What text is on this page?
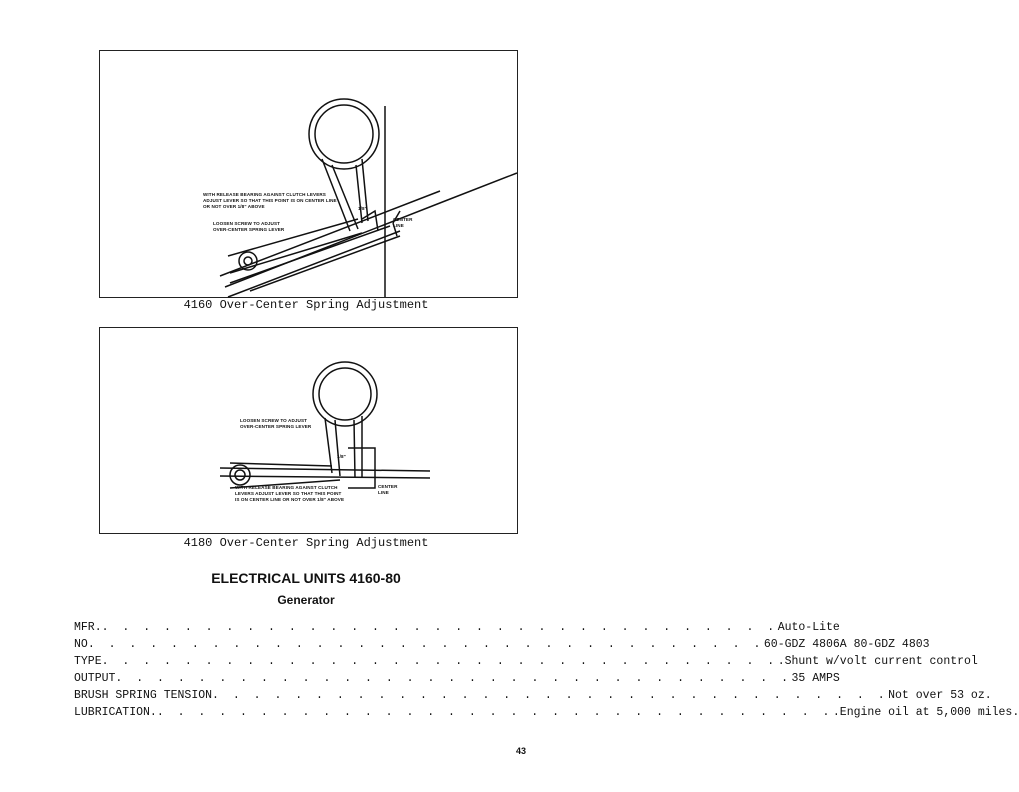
WITH RELEASE BEARING AGAINST CLUTCH LEVERS ADJUST LEVER SO THAT THIS POINT IS ON CENTER LINE OR NOT OVER 1/8" ABOVE
LOOSEN SCREW TO ADJUST OVER-CENTER SPRING LEVER
1/8"
CENTER LINE
4160 Over-Center Spring Adjustment
LOOSEN SCREW TO ADJUST OVER-CENTER SPRING LEVER
WITH RELEASE BEARING AGAINST CLUTCH LEVERS ADJUST LEVER SO THAT THIS POINT IS ON CENTER LINE OR NOT OVER 1/8" ABOVE
1/8"
CENTER LINE
4180 Over-Center Spring Adjustment
ELECTRICAL UNITS 4160-80
Generator
MFR. . . . . . . . . . . . . . . . . . . . . . . . . . . . . . . . . . Auto-Lite
NO . . . . . . . . . . . . . . . . . . . . . . . . . . . . . . . . . 60-GDZ 4806A 80-GDZ 4803
TYPE . . . . . . . . . . . . . . . . . . . . . . . . . . . . . . . . . .Shunt w/volt current control
OUTPUT . . . . . . . . . . . . . . . . . . . . . . . . . . . . . . . . . 35 AMPS
BRUSH SPRING TENSION . . . . . . . . . . . . . . . . . . . . . . . . . . . . . . . . . Not over 53 oz.
LUBRICATION. . . . . . . . . . . . . . . . . . . . . . . . . . . . . . . . . . .Engine oil at 5,000 miles.
43
